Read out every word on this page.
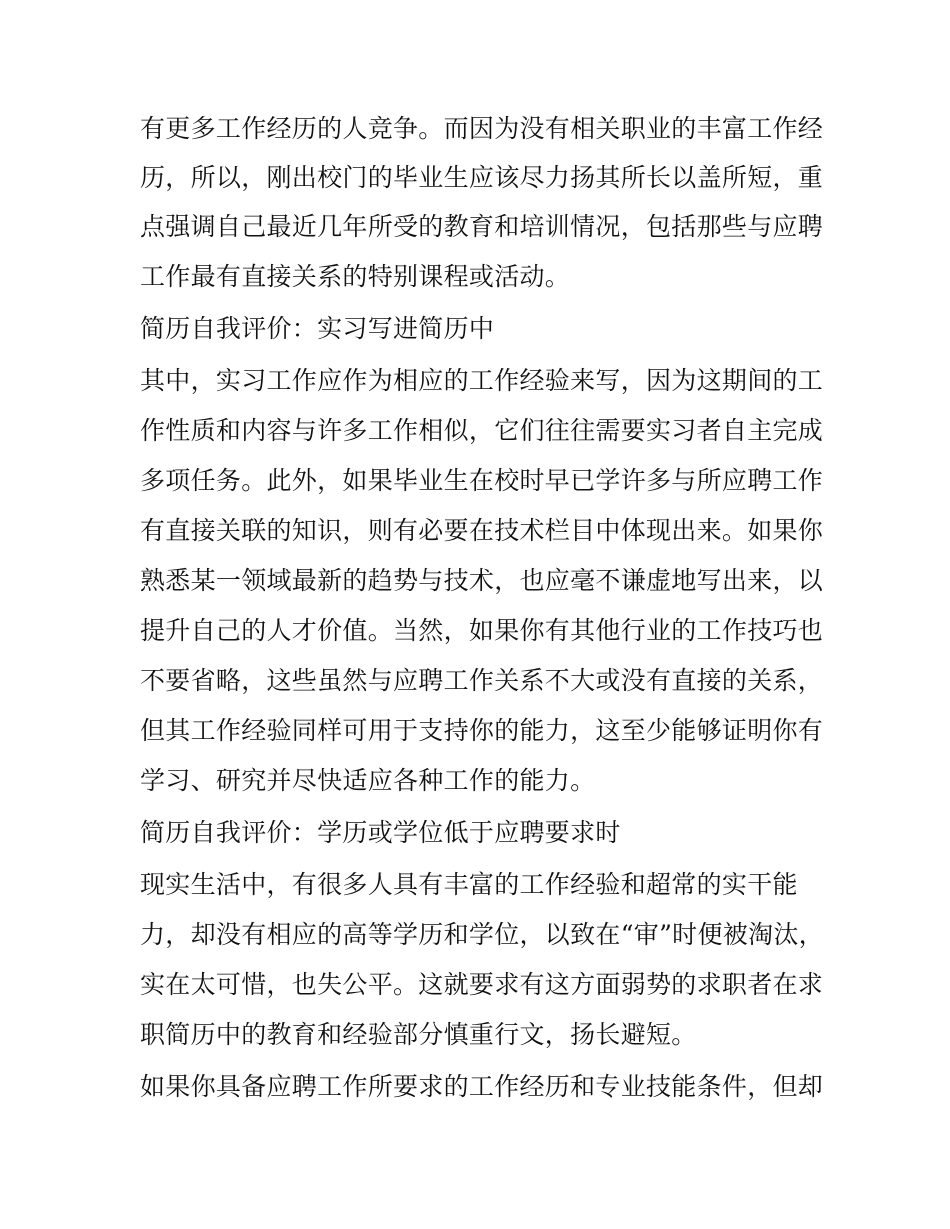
有更多工作经历的人竞争。而因为没有相关职业的丰富工作经
历，所以，刚出校门的毕业生应该尽力扬其所长以盖所短，重
点强调自己最近几年所受的教育和培训情况，包括那些与应聘
工作最有直接关系的特别课程或活动。
简历自我评价：实习写进简历中
其中，实习工作应作为相应的工作经验来写，因为这期间的工
作性质和内容与许多工作相似，它们往往需要实习者自主完成
多项任务。此外，如果毕业生在校时早已学许多与所应聘工作
有直接关联的知识，则有必要在技术栏目中体现出来。如果你
熟悉某一领域最新的趋势与技术，也应毫不谦虚地写出来，以
提升自己的人才价值。当然，如果你有其他行业的工作技巧也
不要省略，这些虽然与应聘工作关系不大或没有直接的关系，
但其工作经验同样可用于支持你的能力，这至少能够证明你有
学习、研究并尽快适应各种工作的能力。
简历自我评价：学历或学位低于应聘要求时
现实生活中，有很多人具有丰富的工作经验和超常的实干能
力，却没有相应的高等学历和学位，以致在“审”时便被淘汰，
实在太可惜，也失公平。这就要求有这方面弱势的求职者在求
职简历中的教育和经验部分慎重行文，扬长避短。
如果你具备应聘工作所要求的工作经历和专业技能条件，但却
